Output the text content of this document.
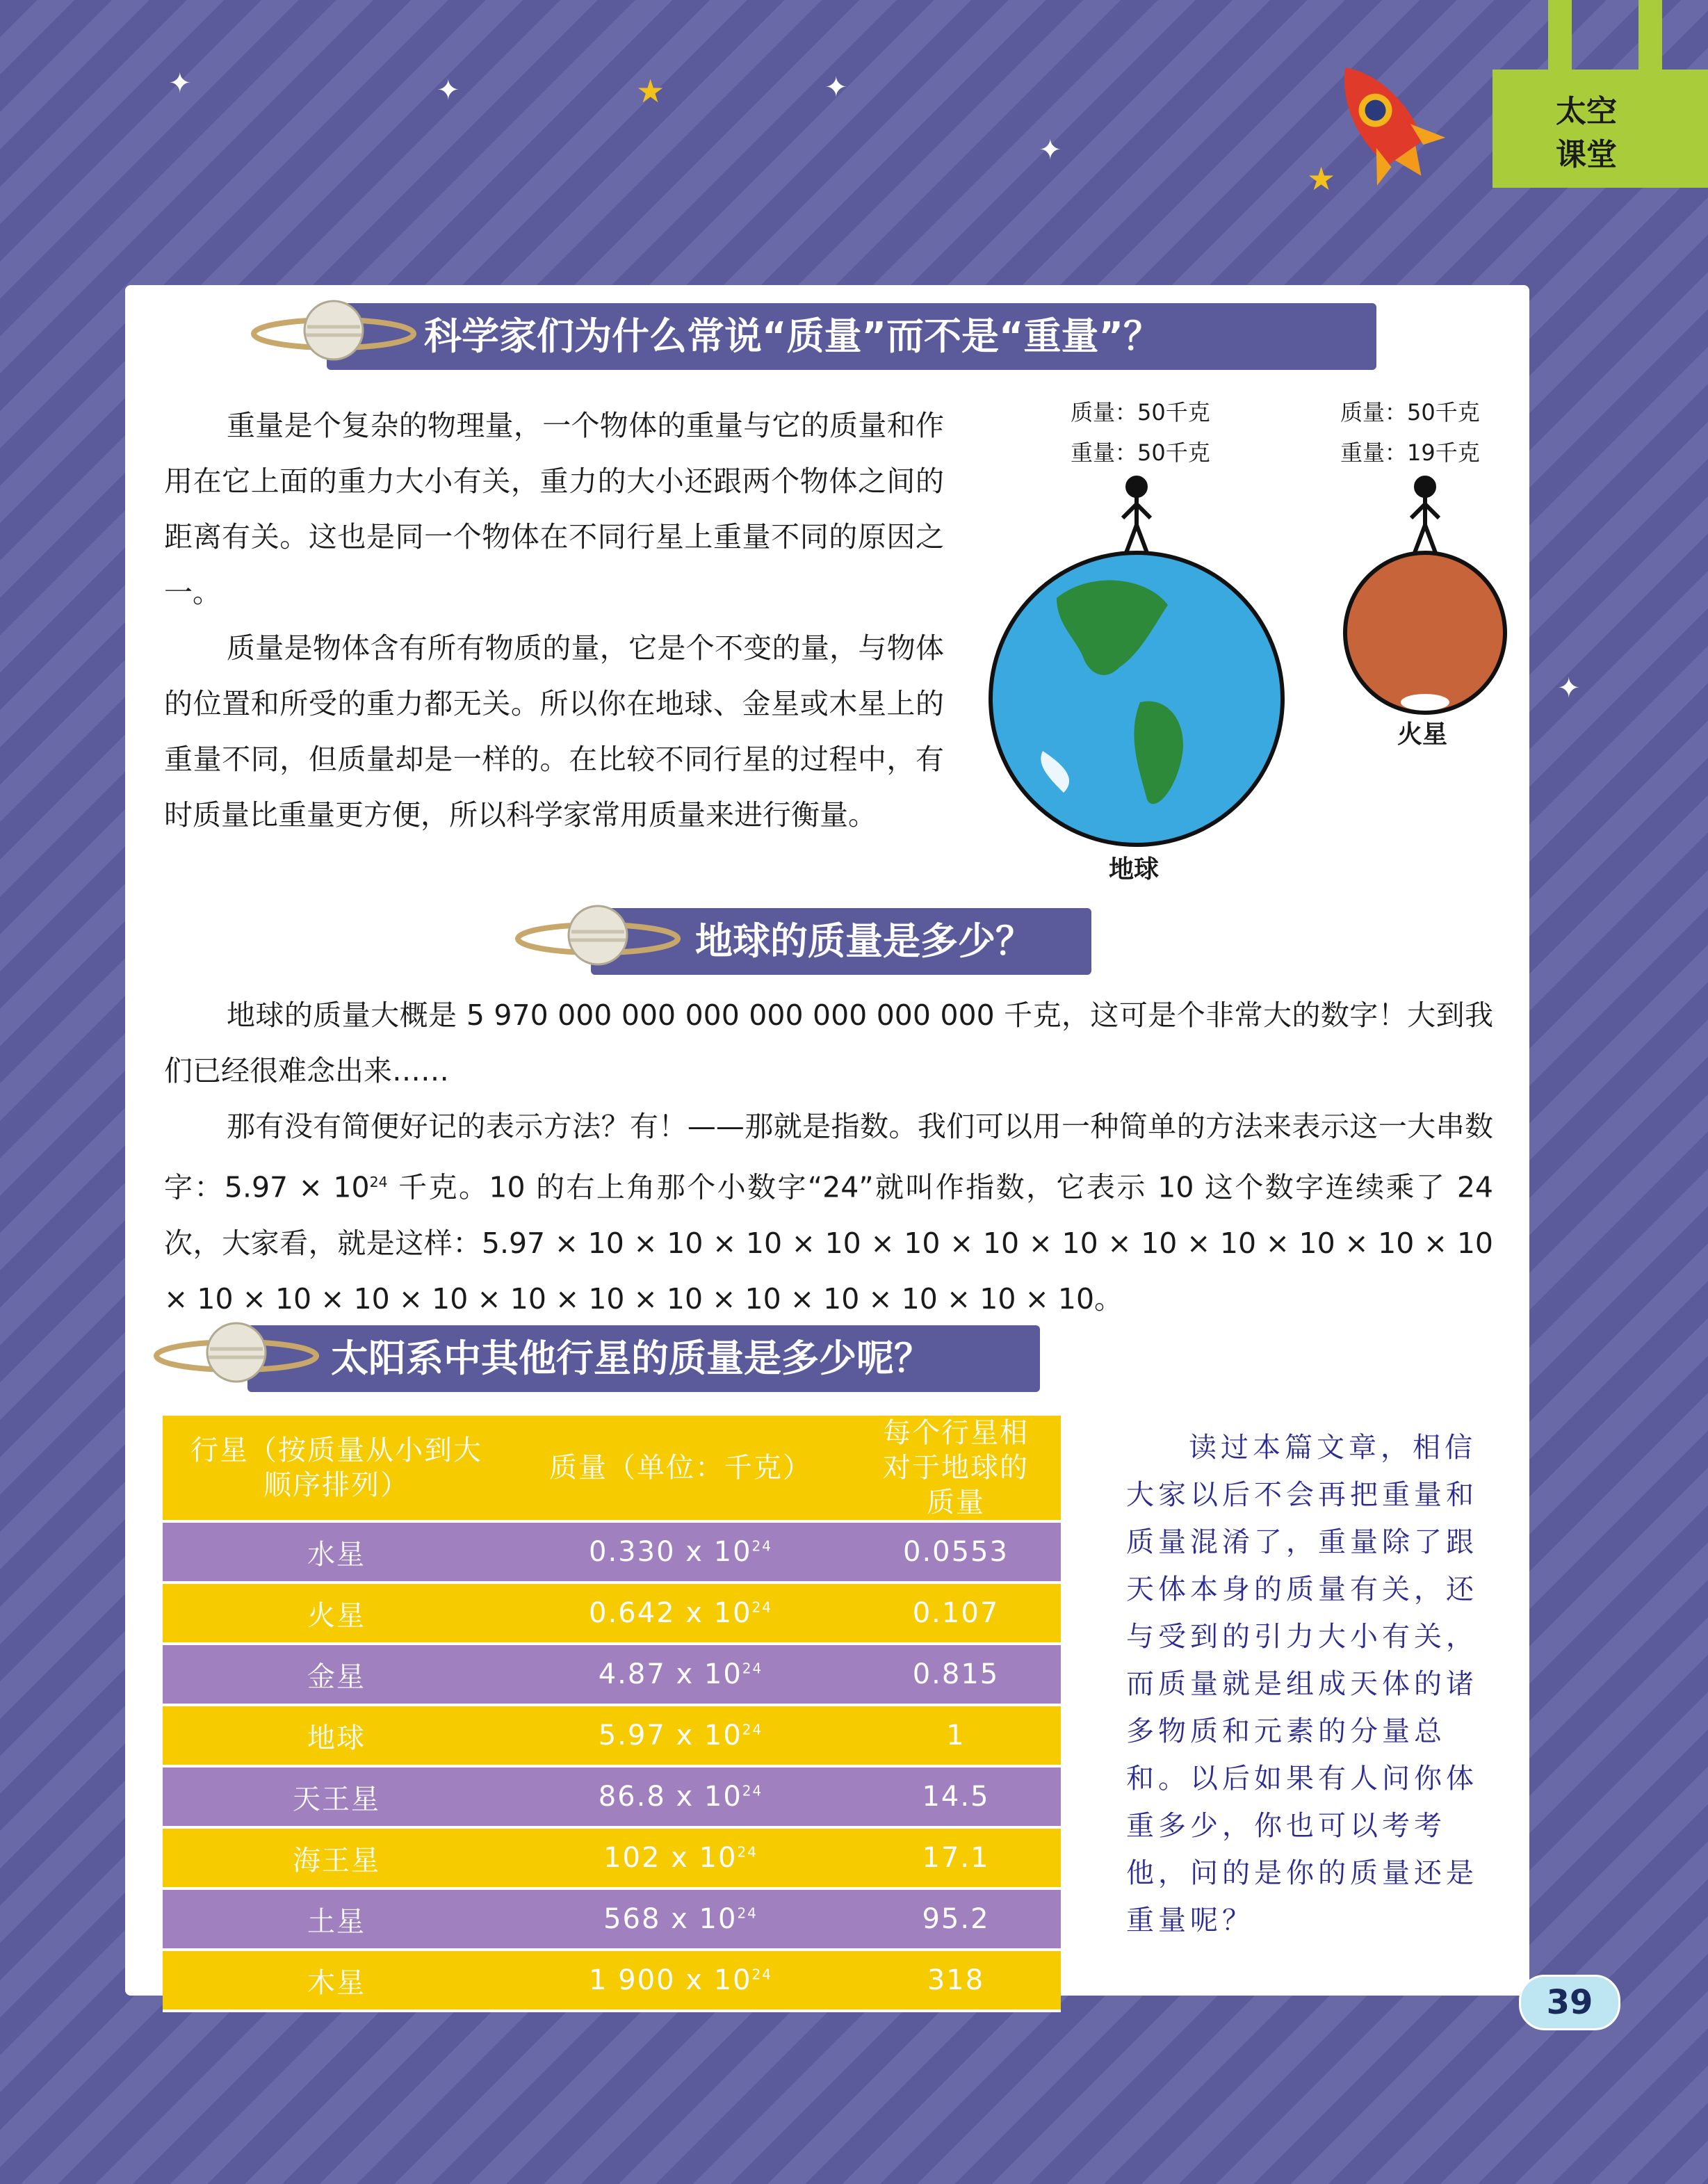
✦	✦	★	✦
✦
★
✦
太空
课堂
科学家们为什么常说“质量”而不是“重量”？

重量是个复杂的物理量，一个物体的重量与它的质量和作用在它上面的重力大小有关，重力的大小还跟两个物体之间的距离有关。这也是同一个物体在不同行星上重量不同的原因之一。

质量是物体含有所有物质的量，它是个不变的量，与物体的位置和所受的重力都无关。所以你在地球、金星或木星上的重量不同，但质量却是一样的。在比较不同行星的过程中，有时质量比重量更方便，所以科学家常用质量来进行衡量。

质量：50千克
重量：50千克
质量：50千克
重量：19千克
地球
火星
地球的质量是多少？

地球的质量大概是 5 970 000 000 000 000 000 000 000 千克，这可是个非常大的数字！大到我们已经很难念出来……

那有没有简便好记的表示方法？有！——那就是指数。我们可以用一种简单的方法来表示这一大串数字：$5.97 \times 10^{24}$ 千克。10 的右上角那个小数字“24”就叫作指数，它表示 10 这个数字连续乘了 24 次，大家看，就是这样：5.97 × 10 × 10 × 10 × 10 × 10 × 10 × 10 × 10 × 10 × 10 × 10 × 10 × 10 × 10 × 10 × 10 × 10 × 10 × 10 × 10 × 10 × 10 × 10 × 10。

太阳系中其他行星的质量是多少呢？
行星（按质量从小到大顺序排列）	质量（单位：千克）	每个行星相对于地球的质量
水星	0.330 x $10^{24}$	0.0553
火星	0.642 x $10^{24}$	0.107
金星	4.87 x $10^{24}$	0.815
地球	5.97 x $10^{24}$	1
天王星	86.8 x $10^{24}$	14.5
海王星	102 x $10^{24}$	17.1
土星	568 x $10^{24}$	95.2
木星	1 900 x $10^{24}$	318

读过本篇文章，相信大家以后不会再把重量和质量混淆了，重量除了跟天体本身的质量有关，还与受到的引力大小有关，而质量就是组成天体的诸多物质和元素的分量总和。以后如果有人问你体重多少，你也可以考考他，问的是你的质量还是重量呢？

39
